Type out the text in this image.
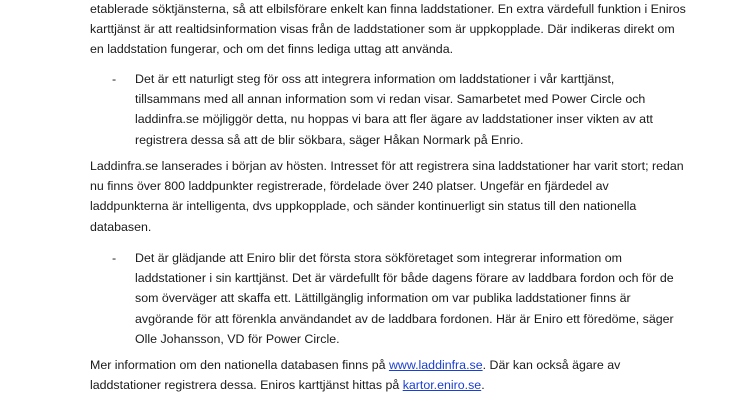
etablerade söktjänsterna, så att elbilsförare enkelt kan finna laddstationer. En extra värdefull funktion i Eniros
karttjänst är att realtidsinformation visas från de laddstationer som är uppkopplade. Där indikeras direkt om
en laddstation fungerar, och om det finns lediga uttag att använda.

- Det är ett naturligt steg för oss att integrera information om laddstationer i vår karttjänst,
tillsammans med all annan information som vi redan visar. Samarbetet med Power Circle och
laddinfra.se möjliggör detta, nu hoppas vi bara att fler ägare av laddstationer inser vikten av att
registrera dessa så att de blir sökbara, säger Håkan Normark på Enrio.

Laddinfra.se lanserades i början av hösten. Intresset för att registrera sina laddstationer har varit stort; redan
nu finns över 800 laddpunkter registrerade, fördelade över 240 platser. Ungefär en fjärdedel av
laddpunkterna är intelligenta, dvs uppkopplade, och sänder kontinuerligt sin status till den nationella
databasen.

- Det är glädjande att Eniro blir det första stora sökföretaget som integrerar information om
laddstationer i sin karttjänst. Det är värdefullt för både dagens förare av laddbara fordon och för de
som överväger att skaffa ett. Lättillgänglig information om var publika laddstationer finns är
avgörande för att förenkla användandet av de laddbara fordonen. Här är Eniro ett föredöme, säger
Olle Johansson, VD för Power Circle.

Mer information om den nationella databasen finns på www.laddinfra.se. Där kan också ägare av
laddstationer registrera dessa. Eniros karttjänst hittas på kartor.eniro.se.
